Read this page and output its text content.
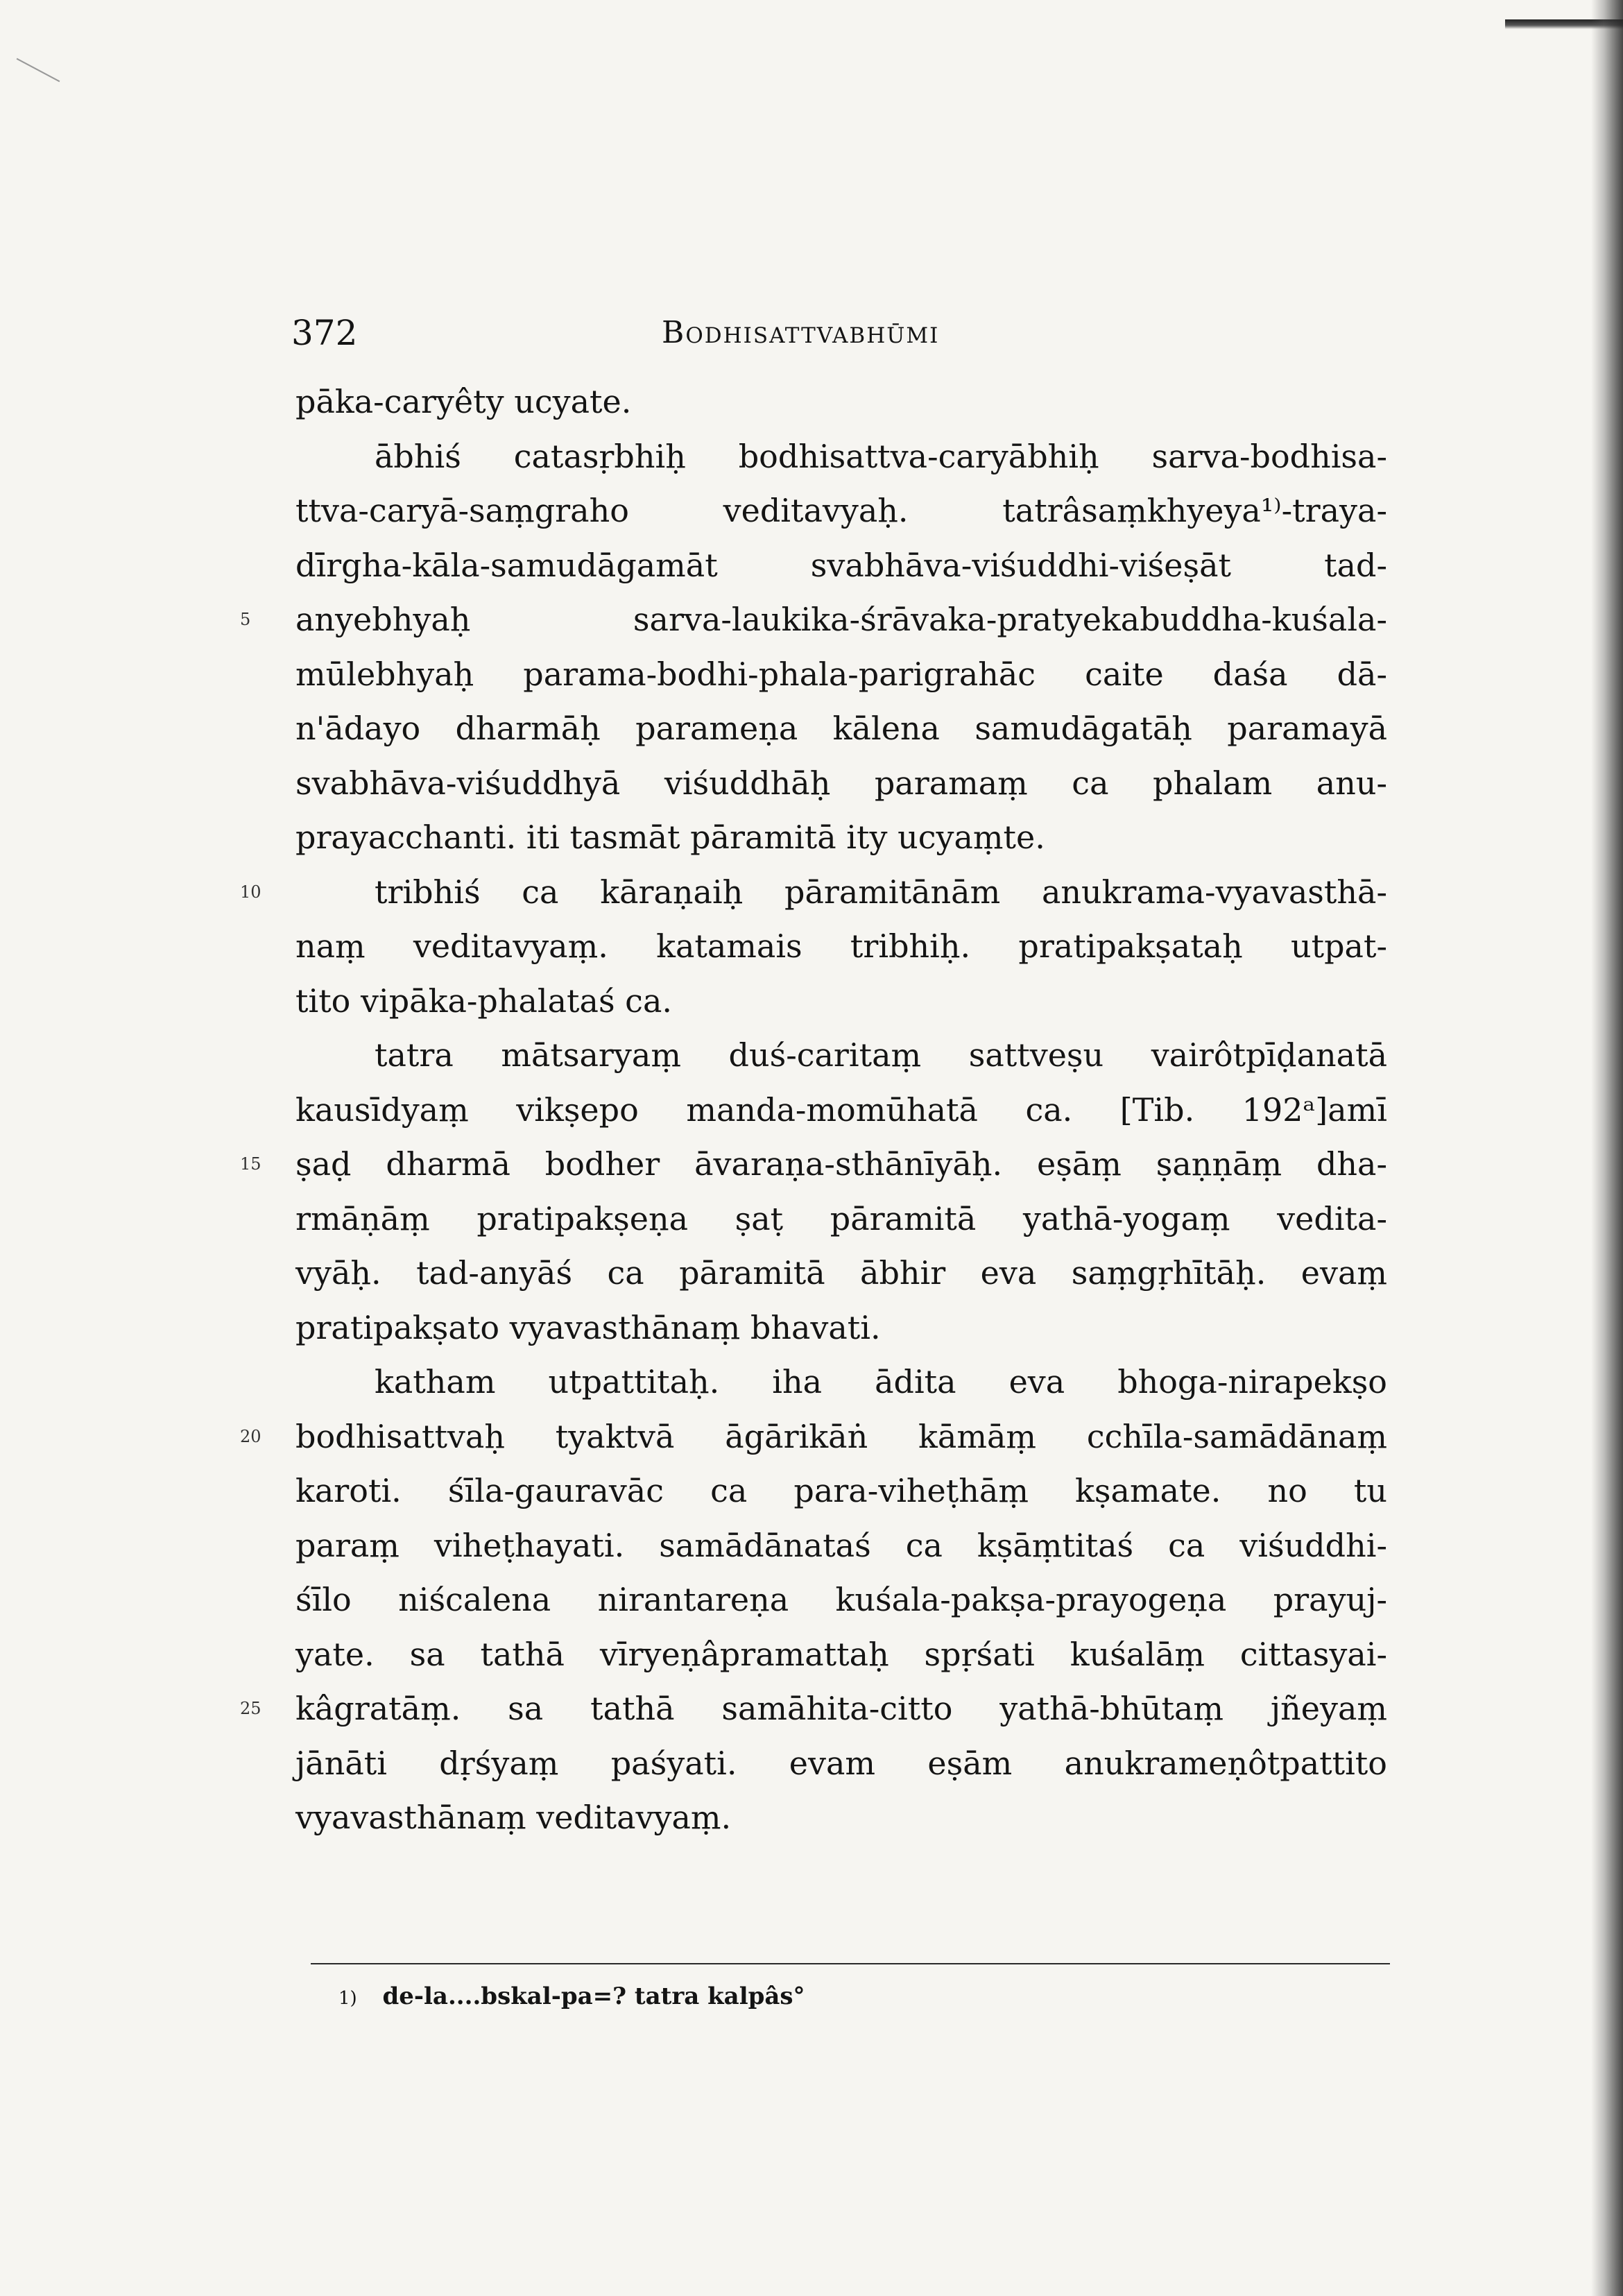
372	Bodhisattvabhūmi
pāka-caryêty ucyate.
ābhiś catasṛbhiḥ bodhisattva-caryābhiḥ sarva-bodhisa-
ttva-caryā-saṃgraho veditavyaḥ. tatrâsaṃkhyeya¹⁾-traya-
dīrgha-kāla-samudāgamāt svabhāva-viśuddhi-viśeṣāt tad-
5	anyebhyaḥ sarva-laukika-śrāvaka-pratyekabuddha-kuśala-
mūlebhyaḥ parama-bodhi-phala-parigrahāc caite daśa dā-
n'ādayo dharmāḥ parameṇa kālena samudāgatāḥ paramayā
svabhāva-viśuddhyā viśuddhāḥ paramaṃ ca phalam anu-
prayacchanti. iti tasmāt pāramitā ity ucyaṃte.
10	tribhiś ca kāraṇaiḥ pāramitānām anukrama-vyavasthā-
naṃ veditavyaṃ. katamais tribhiḥ. pratipakṣataḥ utpat-
tito vipāka-phalataś ca.
tatra mātsaryaṃ duś-caritaṃ sattveṣu vairôtpīḍanatā
kausīdyaṃ vikṣepo manda-momūhatā ca. [Tib. 192ᵃ]amī
15 ṣaḍ dharmā bodher āvaraṇa-sthānīyāḥ. eṣāṃ ṣaṇṇāṃ dha-
rmāṇāṃ pratipakṣeṇa ṣaṭ pāramitā yathā-yogaṃ vedita-
vyāḥ. tad-anyāś ca pāramitā ābhir eva saṃgṛhītāḥ. evaṃ
pratipakṣato vyavasthānaṃ bhavati.
katham utpattitaḥ. iha ādita eva bhoga-nirapekṣo
20 bodhisattvaḥ tyaktvā āgārikāṅ kāmāṃ cchīla-samādānaṃ
karoti. śīla-gauravāc ca para-viheṭhāṃ kṣamate. no tu
paraṃ viheṭhayati. samādānataś ca kṣāṃtitaś ca viśuddhi-
śīlo niścalena nirantareṇa kuśala-pakṣa-prayogeṇa prayuj-
yate. sa tathā vīryeṇâpramattaḥ spṛśati kuśalāṃ cittasyai-
25 kâgratāṃ. sa tathā samāhita-citto yathā-bhūtaṃ jñeyaṃ
jānāti dṛśyaṃ paśyati. evam eṣām anukrameṇôtpattito
vyavasthānaṃ veditavyaṃ.
1) de-la....bskal-pa=? tatra kalpâs°
